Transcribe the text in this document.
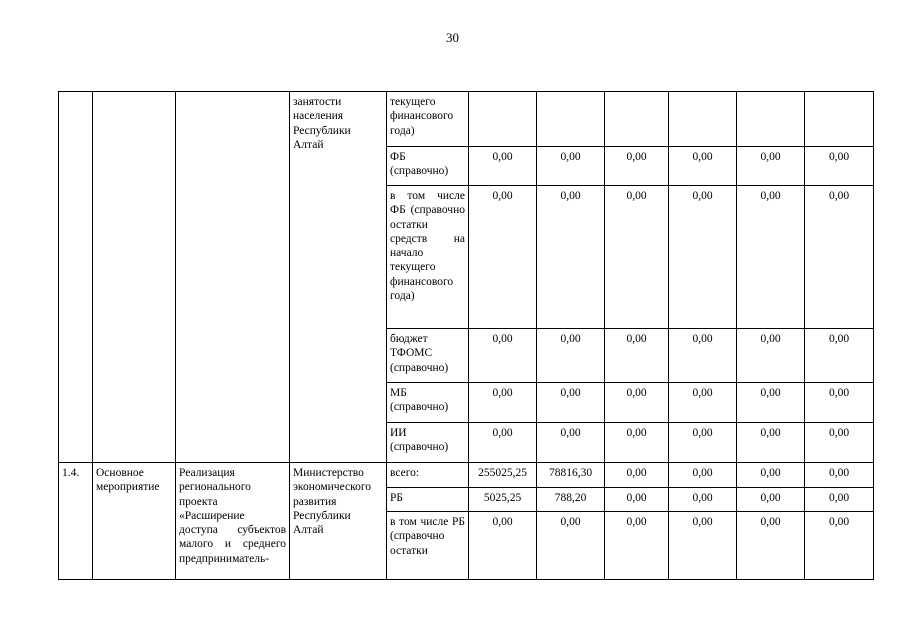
30
			занятости населения Республики Алтай	текущего финансового года)						
				ФБ (справочно)	0,00	0,00	0,00	0,00	0,00	0,00
				в том числе ФБ (справочно остатки средств на начало текущего финансового года)	0,00	0,00	0,00	0,00	0,00	0,00
				бюджет ТФОМС (справочно)	0,00	0,00	0,00	0,00	0,00	0,00
				МБ (справочно)	0,00	0,00	0,00	0,00	0,00	0,00
				ИИ (справочно)	0,00	0,00	0,00	0,00	0,00	0,00
1.4.	Основное мероприятие	Реализация регионального проекта «Расширение доступа субъектов малого и среднего предприниматель-	Министерство экономического развития Республики Алтай	всего:	255025,25	78816,30	0,00	0,00	0,00	0,00
				РБ	5025,25	788,20	0,00	0,00	0,00	0,00
				в том числе РБ (справочно остатки	0,00	0,00	0,00	0,00	0,00	0,00
